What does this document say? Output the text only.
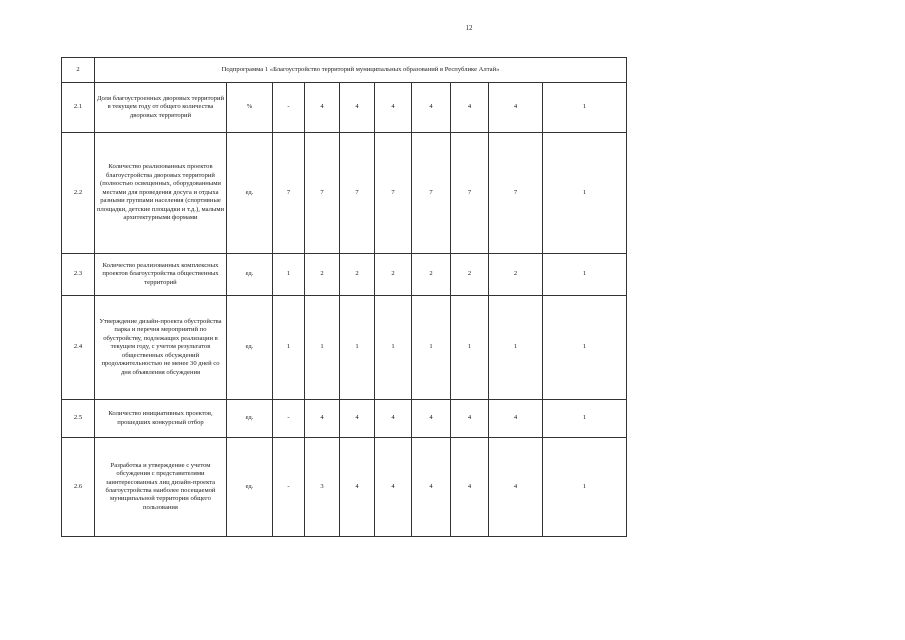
12
2	Подпрограмма 1 «Благоустройство территорий муниципальных образований в Республике Алтай»									
2.1	Доля благоустроенных дворовых территорий в текущем году от общего количества дворовых территорий	%	-	4	4	4	4	4	4	1
2.2	Количество реализованных проектов благоустройства дворовых территорий (полностью освещенных, оборудованными местами для проведения досуга и отдыха разными группами населения (спортивные площадки, детские площадки и т.д.), малыми архитектурными формами	ед.	7	7	7	7	7	7	7	1
2.3	Количество реализованных комплексных проектов благоустройства общественных территорий	ед.	1	2	2	2	2	2	2	1
2.4	Утверждение дизайн-проекта обустройства парка и перечня мероприятий по обустройству, подлежащих реализации в текущем году, с учетом результатов общественных обсуждений продолжительностью не менее 30 дней со дня объявления обсуждения	ед.	1	1	1	1	1	1	1	1
2.5	Количество инициативных проектов, прошедших конкурсный отбор	ед.	-	4	4	4	4	4	4	1
2.6	Разработка и утверждение с учетом обсуждения с представителями заинтересованных лиц дизайн-проекта благоустройства наиболее посещаемой муниципальной территории общего пользования	ед.	-	3	4	4	4	4	4	1
